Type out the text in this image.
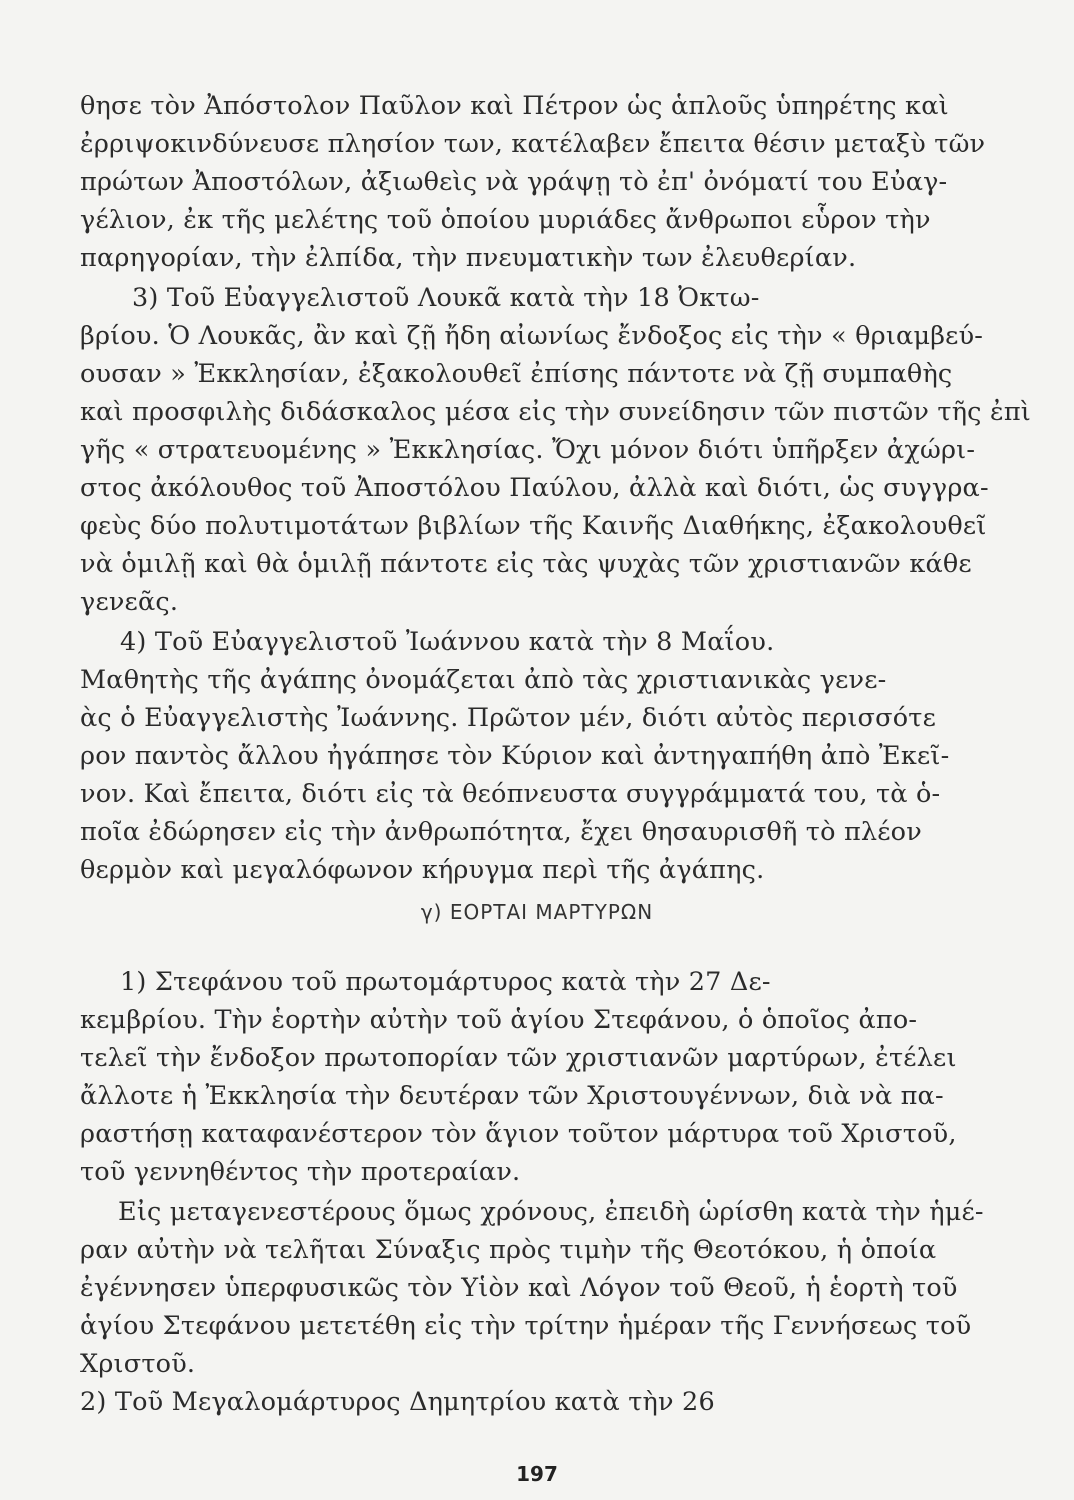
θησε τὸν Ἀπόστολον Παῦλον καὶ Πέτρον ὡς ἁπλοῦς ὑπηρέτης καὶ
ἐρριψοκινδύνευσε πλησίον των, κατέλαβεν ἔπειτα θέσιν μεταξὺ τῶν
πρώτων Ἀποστόλων, ἀξιωθεὶς νὰ γράψῃ τὸ ἐπ' ὀνόματί του Εὐαγ-
γέλιον, ἐκ τῆς μελέτης τοῦ ὁποίου μυριάδες ἄνθρωποι εὗρον τὴν
παρηγορίαν, τὴν ἐλπίδα, τὴν πνευματικὴν των ἐλευθερίαν.
3) Τοῦ Εὐαγγελιστοῦ Λουκᾶ κατὰ τὴν 18 Ὀκτω-
βρίου. Ὁ Λουκᾶς, ἂν καὶ ζῇ ἤδη αἰωνίως ἔνδοξος εἰς τὴν « θριαμβεύ-
ουσαν » Ἐκκλησίαν, ἐξακολουθεῖ ἐπίσης πάντοτε νὰ ζῇ συμπαθὴς
καὶ προσφιλὴς διδάσκαλος μέσα εἰς τὴν συνείδησιν τῶν πιστῶν τῆς ἐπὶ
γῆς « στρατευομένης » Ἐκκλησίας. Ὄχι μόνον διότι ὑπῆρξεν ἀχώρι-
στος ἀκόλουθος τοῦ Ἀποστόλου Παύλου, ἀλλὰ καὶ διότι, ὡς συγγρα-
φεὺς δύο πολυτιμοτάτων βιβλίων τῆς Καινῆς Διαθήκης, ἐξακολουθεῖ
νὰ ὁμιλῇ καὶ θὰ ὁμιλῇ πάντοτε εἰς τὰς ψυχὰς τῶν χριστιανῶν κάθε
γενεᾶς.
4) Τοῦ Εὐαγγελιστοῦ Ἰωάννου κατὰ τὴν 8 Μαΐου.
Μαθητὴς τῆς ἀγάπης ὀνομάζεται ἀπὸ τὰς χριστιανικὰς γενε-
ὰς ὁ Εὐαγγελιστὴς Ἰωάννης. Πρῶτον μέν, διότι αὐτὸς περισσότε
ρον παντὸς ἄλλου ἠγάπησε τὸν Κύριον καὶ ἀντηγαπήθη ἀπὸ Ἐκεῖ-
νον. Καὶ ἔπειτα, διότι εἰς τὰ θεόπνευστα συγγράμματά του, τὰ ὁ-
ποῖα ἐδώρησεν εἰς τὴν ἀνθρωπότητα, ἔχει θησαυρισθῆ τὸ πλέον
θερμὸν καὶ μεγαλόφωνον κήρυγμα περὶ τῆς ἀγάπης.
γ) ΕΟΡΤΑΙ ΜΑΡΤΥΡΩΝ
1) Στεφάνου τοῦ πρωτομάρτυρος κατὰ τὴν 27 Δε-
κεμβρίου. Τὴν ἑορτὴν αὐτὴν τοῦ ἁγίου Στεφάνου, ὁ ὁποῖος ἀπο-
τελεῖ τὴν ἔνδοξον πρωτοπορίαν τῶν χριστιανῶν μαρτύρων, ἐτέλει
ἄλλοτε ἡ Ἐκκλησία τὴν δευτέραν τῶν Χριστουγέννων, διὰ νὰ πα-
ραστήσῃ καταφανέστερον τὸν ἅγιον τοῦτον μάρτυρα τοῦ Χριστοῦ,
τοῦ γεννηθέντος τὴν προτεραίαν.
Εἰς μεταγενεστέρους ὅμως χρόνους, ἐπειδὴ ὡρίσθη κατὰ τὴν ἡμέ-
ραν αὐτὴν νὰ τελῆται Σύναξις πρὸς τιμὴν τῆς Θεοτόκου, ἡ ὁποία
ἐγέννησεν ὑπερφυσικῶς τὸν Υἱὸν καὶ Λόγον τοῦ Θεοῦ, ἡ ἑορτὴ τοῦ
ἁγίου Στεφάνου μετετέθη εἰς τὴν τρίτην ἡμέραν τῆς Γεννήσεως τοῦ
Χριστοῦ.
2) Τοῦ Μεγαλομάρτυρος Δημητρίου κατὰ τὴν 26
197
